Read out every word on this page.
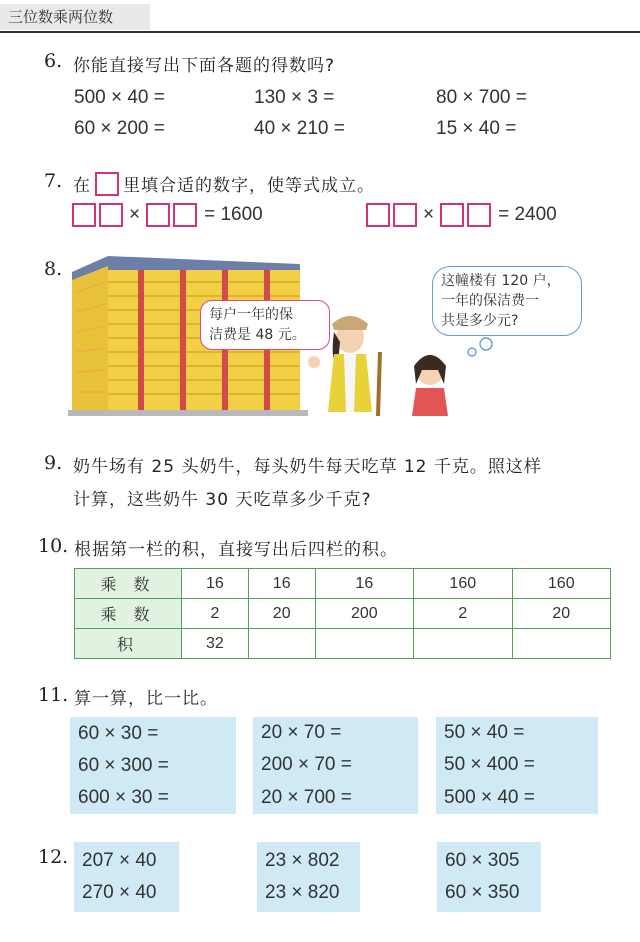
三位数乘两位数
6. 你能直接写出下面各题的得数吗?
500 × 40 =	130 × 3 =	80 × 700 =
60 × 200 =	40 × 210 =	15 × 40 =
7. 在 里填合适的数字，使等式成立。
×	= 1600	×	= 2400
8.
每户一年的保
洁费是 48 元。
这幢楼有 120 户，
一年的保洁费一
共是多少元?
9. 奶牛场有 25 头奶牛，每头奶牛每天吃草 12 千克。照这样
计算，这些奶牛 30 天吃草多少千克?
10. 根据第一栏的积，直接写出后四栏的积。
乘 数	16	16	16	160	160
乘 数	2	20	200	2	20
积	32				
11. 算一算，比一比。
60 × 30 =
60 × 300 =
600 × 30 =
20 × 70 =
200 × 70 =
20 × 700 =
50 × 40 =
50 × 400 =
500 × 40 =
12. 207 × 40
270 × 40
23 × 802
23 × 820
60 × 305
60 × 350
